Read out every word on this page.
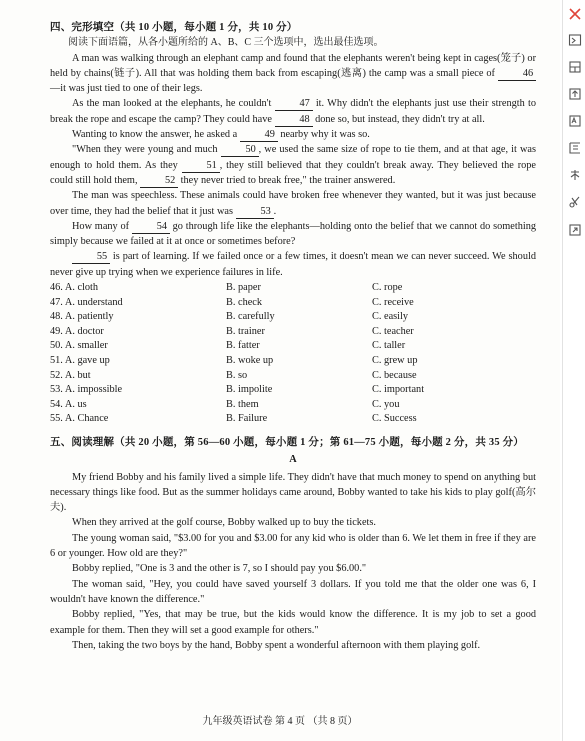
四、完形填空（共 10 小题，每小题 1 分，共 10 分）

阅读下面语篇，从各小题所给的 A、B、C 三个选项中，选出最佳选项。

A man was walking through an elephant camp and found that the elephants weren't being kept in cages(笼子) or held by chains(链子). All that was holding them back from escaping(逃离) the camp was a small piece of 46—it was just tied to one of their legs.

As the man looked at the elephants, he couldn't 47 it. Why didn't the elephants just use their strength to break the rope and escape the camp? They could have 48 done so, but instead, they didn't try at all.

Wanting to know the answer, he asked a 49 nearby why it was so.

"When they were young and much 50 , we used the same size of rope to tie them, and at that age, it was enough to hold them. As they 51 , they still believed that they couldn't break away. They believed the rope could still hold them, 52 they never tried to break free," the trainer answered.

The man was speechless. These animals could have broken free whenever they wanted, but it was just because over time, they had the belief that it just was 53 .

How many of 54 go through life like the elephants—holding onto the belief that we cannot do something simply because we failed at it at once or sometimes before?

55 is part of learning. If we failed once or a few times, it doesn't mean we can never succeed. We should never give up trying when we experience failures in life.

46. A. cloth	B. paper	C. rope
47. A. understand	B. check	C. receive
48. A. patiently	B. carefully	C. easily
49. A. doctor	B. trainer	C. teacher
50. A. smaller	B. fatter	C. taller
51. A. gave up	B. woke up	C. grew up
52. A. but	B. so	C. because
53. A. impossible	B. impolite	C. important
54. A. us	B. them	C. you
55. A. Chance	B. Failure	C. Success
五、阅读理解（共 20 小题，第 56—60 小题，每小题 1 分；第 61—75 小题，每小题 2 分，共 35 分）
A

My friend Bobby and his family lived a simple life. They didn't have that much money to spend on anything but necessary things like food. But as the summer holidays came around, Bobby wanted to take his kids to play golf(高尔夫).

When they arrived at the golf course, Bobby walked up to buy the tickets.

The young woman said, "$3.00 for you and $3.00 for any kid who is older than 6. We let them in free if they are 6 or younger. How old are they?"

Bobby replied, "One is 3 and the other is 7, so I should pay you $6.00."

The woman said, "Hey, you could have saved yourself 3 dollars. If you told me that the older one was 6, I wouldn't have known the difference."

Bobby replied, "Yes, that may be true, but the kids would know the difference. It is my job to set a good example for them. Then they will set a good example for others."

Then, taking the two boys by the hand, Bobby spent a wonderful afternoon with them playing golf.

九年级英语试卷 第 4 页 （共 8 页）
